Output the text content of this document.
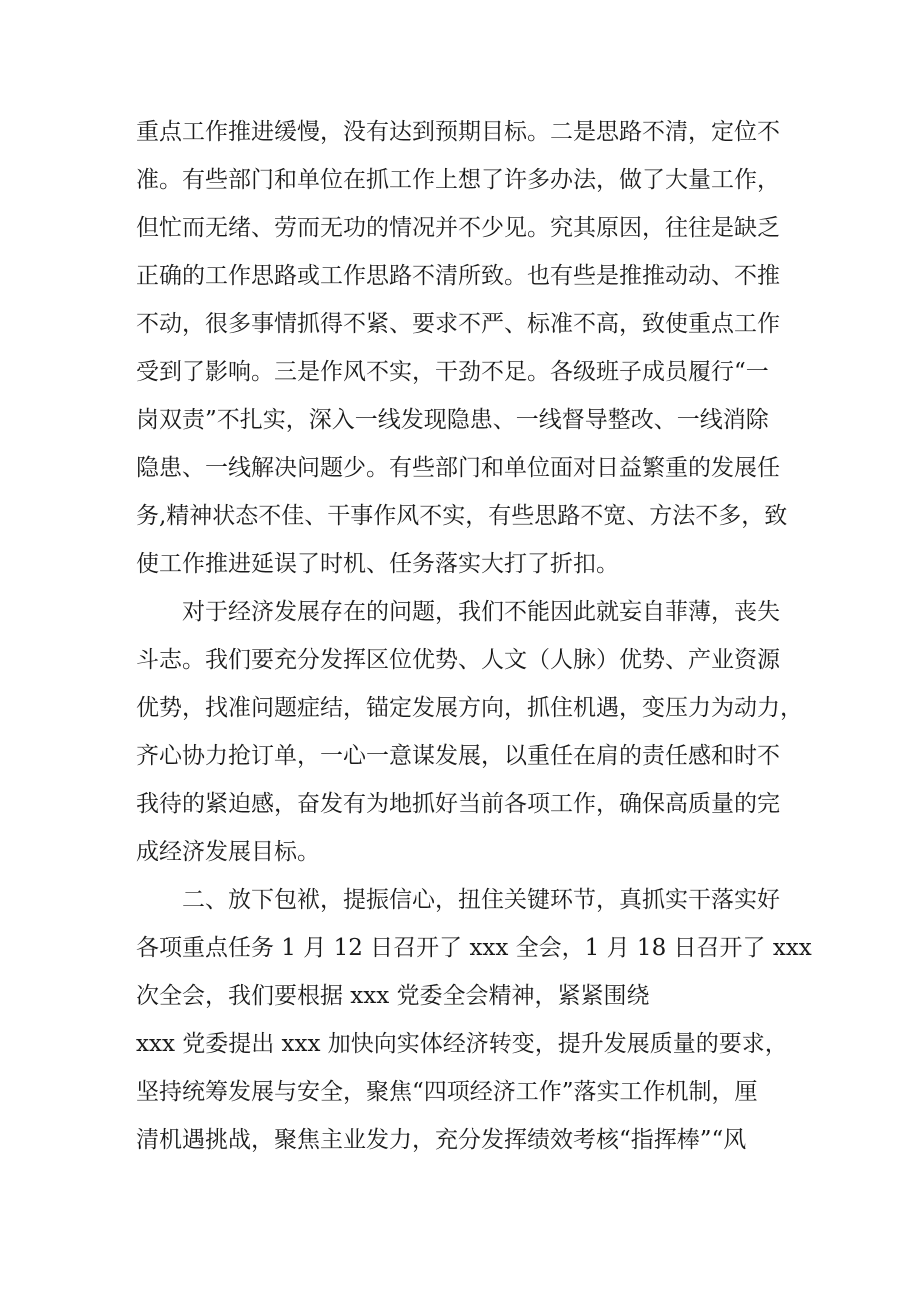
重点工作推进缓慢，没有达到预期目标。二是思路不清，定位不
准。有些部门和单位在抓工作上想了许多办法，做了大量工作，
但忙而无绪、劳而无功的情况并不少见。究其原因，往往是缺乏
正确的工作思路或工作思路不清所致。也有些是推推动动、不推
不动，很多事情抓得不紧、要求不严、标准不高，致使重点工作
受到了影响。三是作风不实，干劲不足。各级班子成员履行“一
岗双责”不扎实，深入一线发现隐患、一线督导整改、一线消除
隐患、一线解决问题少。有些部门和单位面对日益繁重的发展任
务,精神状态不佳、干事作风不实，有些思路不宽、方法不多，致
使工作推进延误了时机、任务落实大打了折扣。
对于经济发展存在的问题，我们不能因此就妄自菲薄，丧失
斗志。我们要充分发挥区位优势、人文（人脉）优势、产业资源
优势，找准问题症结，锚定发展方向，抓住机遇，变压力为动力，
齐心协力抢订单，一心一意谋发展，以重任在肩的责任感和时不
我待的紧迫感，奋发有为地抓好当前各项工作，确保高质量的完
成经济发展目标。
二、放下包袱，提振信心，扭住关键环节，真抓实干落实好
各项重点任务 1 月 12 日召开了 xxx 全会，1 月 18 日召开了 xxx
次全会，我们要根据 xxx 党委全会精神，紧紧围绕
xxx 党委提出 xxx 加快向实体经济转变，提升发展质量的要求，
坚持统筹发展与安全，聚焦“四项经济工作”落实工作机制，厘
清机遇挑战，聚焦主业发力，充分发挥绩效考核“指挥棒”“风
